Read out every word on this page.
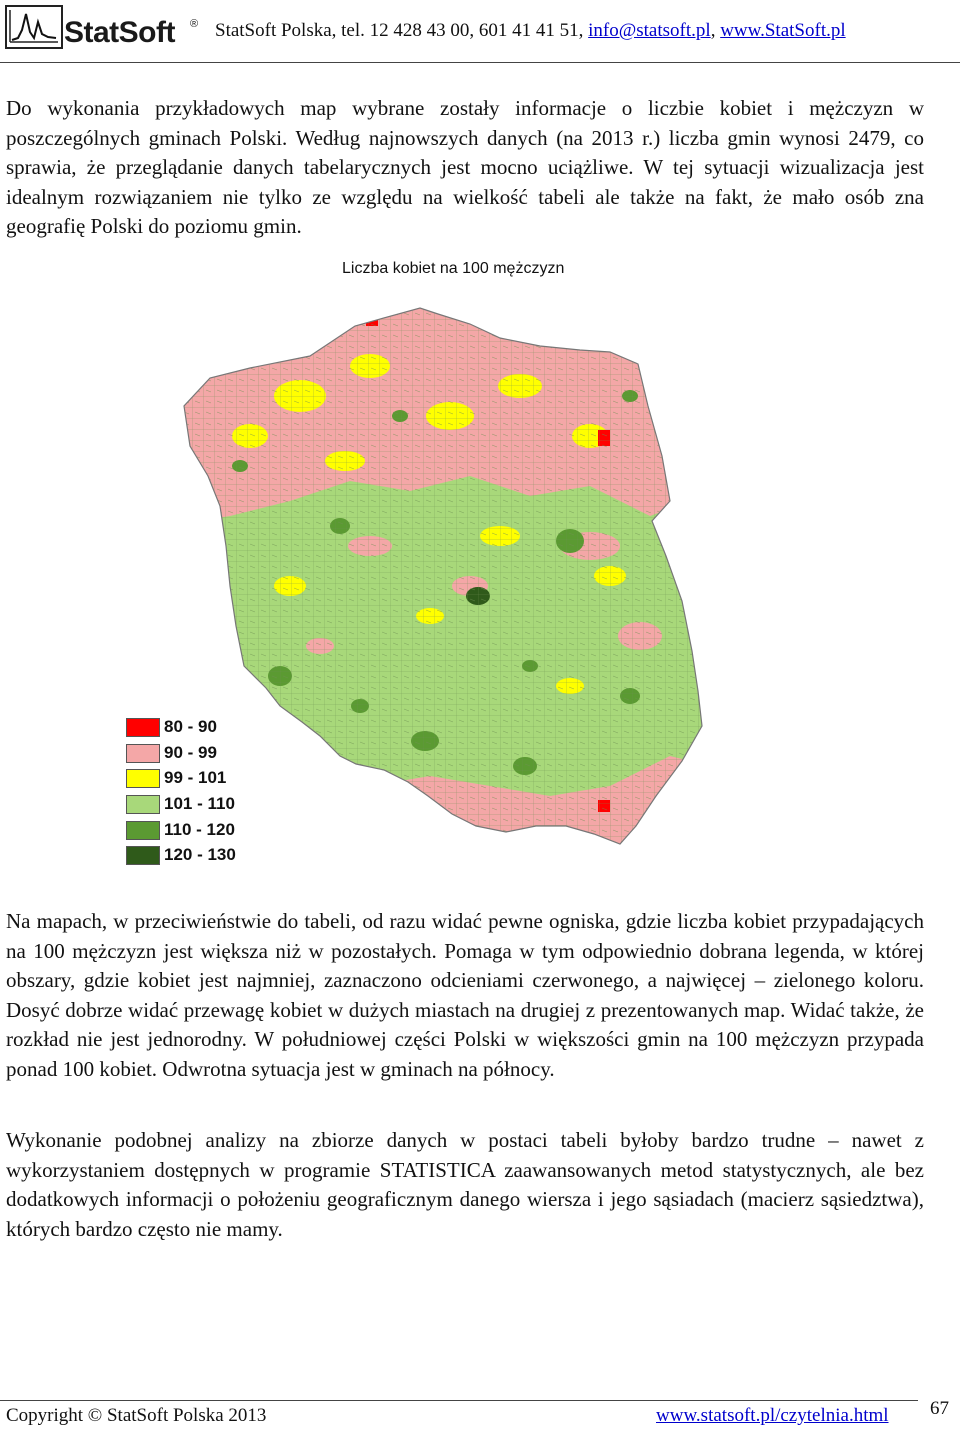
StatSoft ® StatSoft Polska, tel. 12 428 43 00, 601 41 41 51, info@statsoft.pl, www.StatSoft.pl

Do wykonania przykładowych map wybrane zostały informacje o liczbie kobiet i mężczyzn w poszczególnych gminach Polski. Według najnowszych danych (na 2013 r.) liczba gmin wynosi 2479, co sprawia, że przeglądanie danych tabelarycznych jest mocno uciążliwe. W tej sytuacji wizualizacja jest idealnym rozwiązaniem nie tylko ze względu na wielkość tabeli ale także na fakt, że mało osób zna geografię Polski do poziomu gmin.

Liczba kobiet na 100 mężczyzn
80 - 90
90 - 99
99 - 101
101 - 110
110 - 120
120 - 130

Na mapach, w przeciwieństwie do tabeli, od razu widać pewne ogniska, gdzie liczba kobiet przypadających na 100 mężczyzn jest większa niż w pozostałych. Pomaga w tym odpowiednio dobrana legenda, w której obszary, gdzie kobiet jest najmniej, zaznaczono odcieniami czerwonego, a najwięcej – zielonego koloru. Dosyć dobrze widać przewagę kobiet w dużych miastach na drugiej z prezentowanych map. Widać także, że rozkład nie jest jednorodny. W południowej części Polski w większości gmin na 100 mężczyzn przypada ponad 100 kobiet. Odwrotna sytuacja jest w gminach na północy.

Wykonanie podobnej analizy na zbiorze danych w postaci tabeli byłoby bardzo trudne – nawet z wykorzystaniem dostępnych w programie STATISTICA zaawansowanych metod statystycznych, ale bez dodatkowych informacji o położeniu geograficznym danego wiersza i jego sąsiadach (macierz sąsiedztwa), których bardzo często nie mamy.

Copyright © StatSoft Polska 2013	www.statsoft.pl/czytelnia.html 67
